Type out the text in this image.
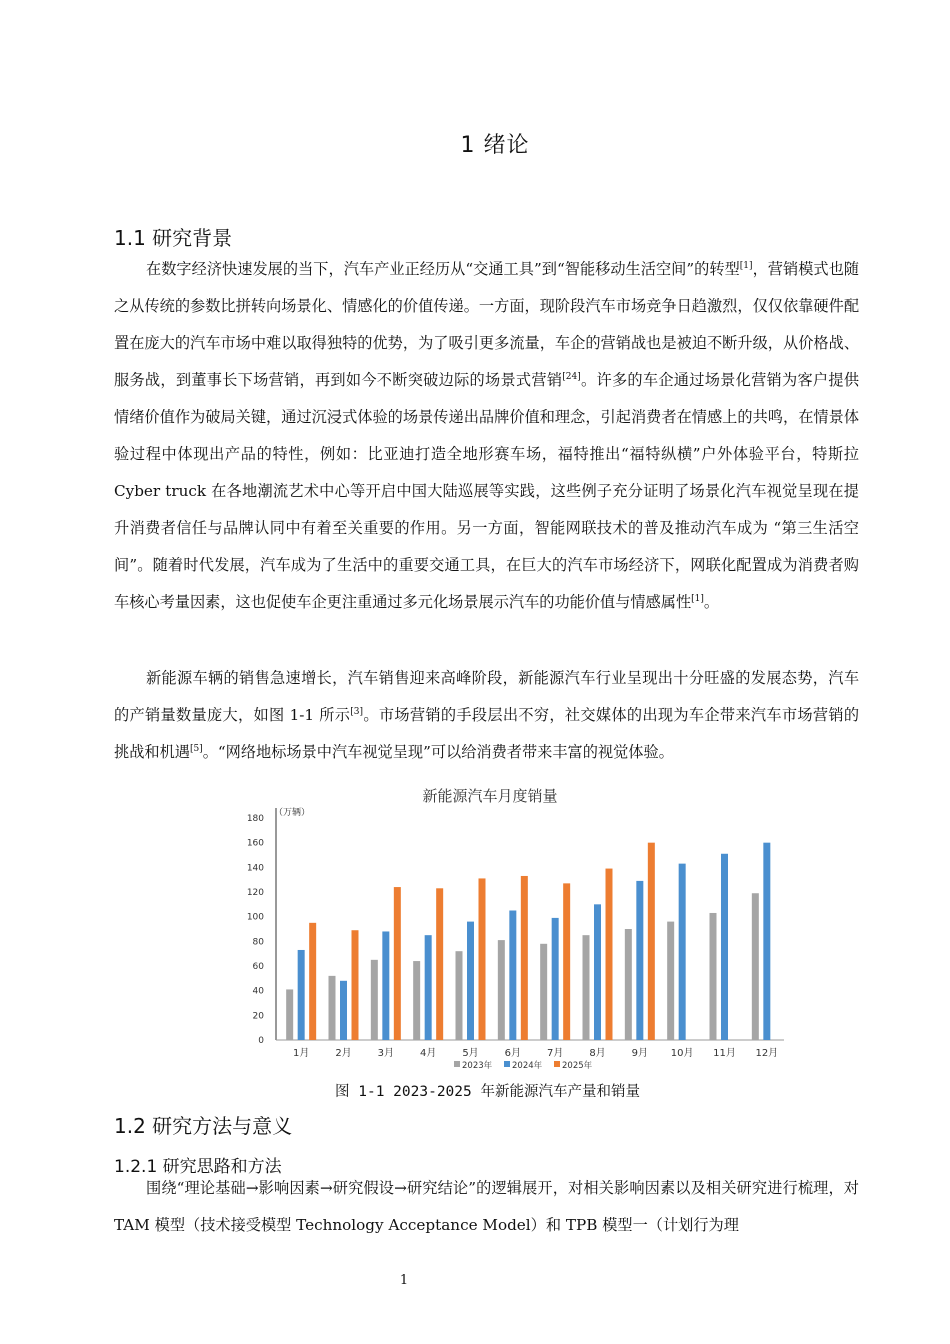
1 绪论
1.1 研究背景

在数字经济快速发展的当下，汽车产业正经历从“交通工具”到“智能移动生活空间”的转型[1]，营销模式也随之从传统的参数比拼转向场景化、情感化的价值传递。一方面，现阶段汽车市场竞争日趋激烈，仅仅依靠硬件配置在庞大的汽车市场中难以取得独特的优势，为了吸引更多流量，车企的营销战也是被迫不断升级，从价格战、服务战，到董事长下场营销，再到如今不断突破边际的场景式营销[24]。许多的车企通过场景化营销为客户提供情绪价值作为破局关键，通过沉浸式体验的场景传递出品牌价值和理念，引起消费者在情感上的共鸣，在情景体验过程中体现出产品的特性，例如：比亚迪打造全地形赛车场，福特推出“福特纵横”户外体验平台，特斯拉 Cyber truck 在各地潮流艺术中心等开启中国大陆巡展等实践，这些例子充分证明了场景化汽车视觉呈现在提升消费者信任与品牌认同中有着至关重要的作用。另一方面，智能网联技术的普及推动汽车成为 “第三生活空间”。随着时代发展，汽车成为了生活中的重要交通工具，在巨大的汽车市场经济下，网联化配置成为消费者购车核心考量因素，这也促使车企更注重通过多元化场景展示汽车的功能价值与情感属性[1]。

新能源车辆的销售急速增长，汽车销售迎来高峰阶段，新能源汽车行业呈现出十分旺盛的发展态势，汽车的产销量数量庞大，如图 1-1 所示[3]。市场营销的手段层出不穷，社交媒体的出现为车企带来汽车市场营销的挑战和机遇[5]。“网络地标场景中汽车视觉呈现”可以给消费者带来丰富的视觉体验。

新能源汽车月度销量
（万辆）
0
20
40
60
80
100
120
140
160
180
1月	2月	3月	4月	5月	6月	7月	8月	9月 10月 11月 12月
2023年 2024年 2025年
图 1-1 2023-2025 年新能源汽车产量和销量
1.2 研究方法与意义
1.2.1 研究思路和方法

围绕“理论基础→影响因素→研究假设→研究结论”的逻辑展开，对相关影响因素以及相关研究进行梳理，对 TAM 模型（技术接受模型 Technology Acceptance Model）和 TPB 模型一（计划行为理

1
